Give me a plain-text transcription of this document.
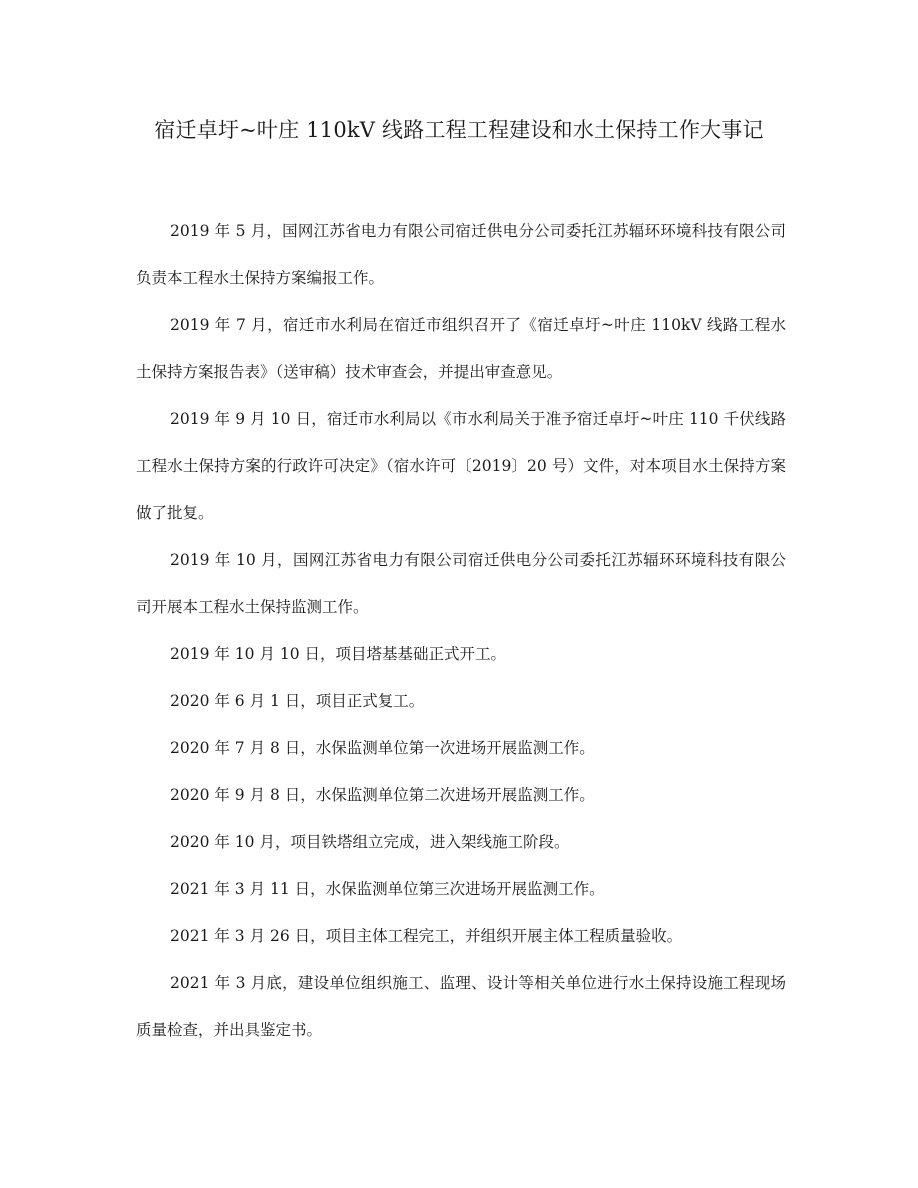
宿迁卓圩~叶庄 110kV 线路工程工程建设和水土保持工作大事记

2019 年 5 月，国网江苏省电力有限公司宿迁供电分公司委托江苏辐环环境科技有限公司负责本工程水土保持方案编报工作。

2019 年 7 月，宿迁市水利局在宿迁市组织召开了《宿迁卓圩~叶庄 110kV 线路工程水土保持方案报告表》（送审稿）技术审查会，并提出审查意见。

2019 年 9 月 10 日，宿迁市水利局以《市水利局关于准予宿迁卓圩~叶庄 110 千伏线路工程水土保持方案的行政许可决定》（宿水许可〔2019〕20 号）文件，对本项目水土保持方案做了批复。

2019 年 10 月，国网江苏省电力有限公司宿迁供电分公司委托江苏辐环环境科技有限公司开展本工程水土保持监测工作。

2019 年 10 月 10 日，项目塔基基础正式开工。

2020 年 6 月 1 日，项目正式复工。

2020 年 7 月 8 日，水保监测单位第一次进场开展监测工作。

2020 年 9 月 8 日，水保监测单位第二次进场开展监测工作。

2020 年 10 月，项目铁塔组立完成，进入架线施工阶段。

2021 年 3 月 11 日，水保监测单位第三次进场开展监测工作。

2021 年 3 月 26 日，项目主体工程完工，并组织开展主体工程质量验收。

2021 年 3 月底，建设单位组织施工、监理、设计等相关单位进行水土保持设施工程现场质量检查，并出具鉴定书。
